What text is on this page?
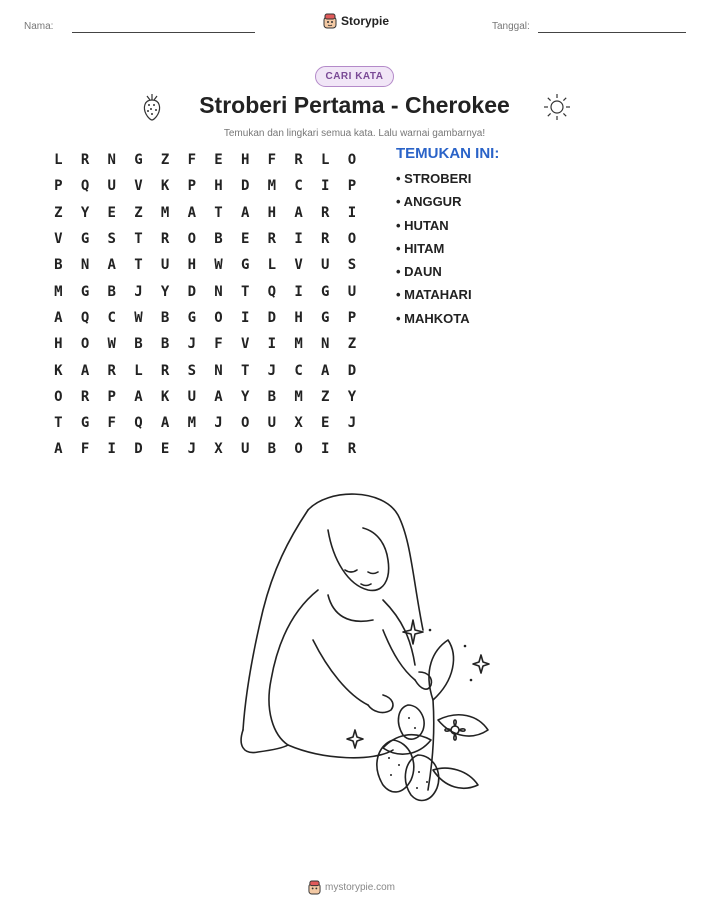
Nama:	Storypie	Tanggal:
CARI KATA
Stroberi Pertama - Cherokee
Temukan dan lingkari semua kata. Lalu warnai gambarnya!
L	R	N	G	Z	F	E	H	F	R	L	O
P	Q	U	V	K	P	H	D	M	C	I	P
Z	Y	E	Z	M	A	T	A	H	A	R	I
V	G	S	T	R	O	B	E	R	I	R	O
B	N	A	T	U	H	W	G	L	V	U	S
M	G	B	J	Y	D	N	T	Q	I	G	U
A	Q	C	W	B	G	O	I	D	H	G	P
H	O	W	B	B	J	F	V	I	M	N	Z
K	A	R	L	R	S	N	T	J	C	A	D
O	R	P	A	K	U	A	Y	B	M	Z	Y
T	G	F	Q	A	M	J	O	U	X	E	J
A	F	I	D	E	J	X	U	B	O	I	R
TEMUKAN INI:
• STROBERI
• ANGGUR
• HUTAN
• HITAM
• DAUN
• MATAHARI
• MAHKOTA
mystorypie.com
